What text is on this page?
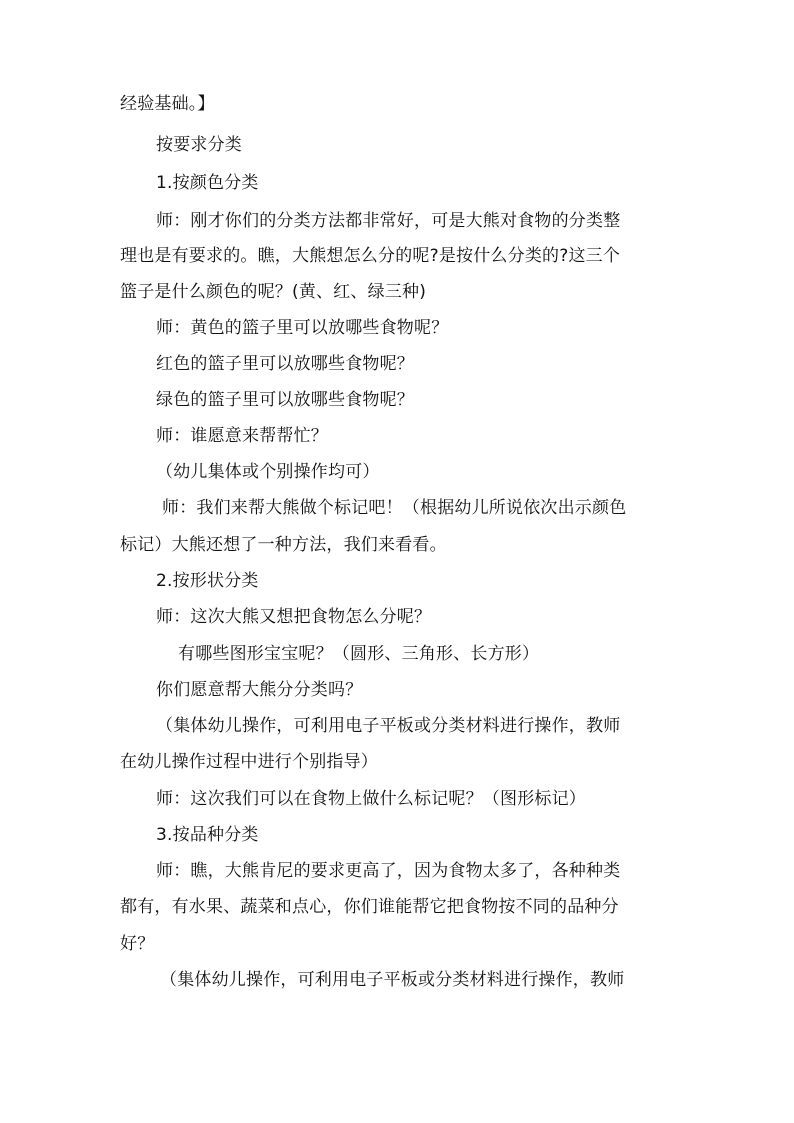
经验基础。】
按要求分类
1.按颜色分类
师：刚才你们的分类方法都非常好，可是大熊对食物的分类整
理也是有要求的。瞧，大熊想怎么分的呢?是按什么分类的?这三个
篮子是什么颜色的呢？(黄、红、绿三种)
师：黄色的篮子里可以放哪些食物呢？
红色的篮子里可以放哪些食物呢？
绿色的篮子里可以放哪些食物呢？
师：谁愿意来帮帮忙？
（幼儿集体或个别操作均可）
师：我们来帮大熊做个标记吧！（根据幼儿所说依次出示颜色
标记）大熊还想了一种方法，我们来看看。
2.按形状分类
师：这次大熊又想把食物怎么分呢？
有哪些图形宝宝呢？（圆形、三角形、长方形）
你们愿意帮大熊分分类吗？
（集体幼儿操作，可利用电子平板或分类材料进行操作，教师
在幼儿操作过程中进行个别指导）
师：这次我们可以在食物上做什么标记呢？（图形标记）
3.按品种分类
师：瞧，大熊肯尼的要求更高了，因为食物太多了，各种种类
都有，有水果、蔬菜和点心，你们谁能帮它把食物按不同的品种分
好？
（集体幼儿操作，可利用电子平板或分类材料进行操作，教师
